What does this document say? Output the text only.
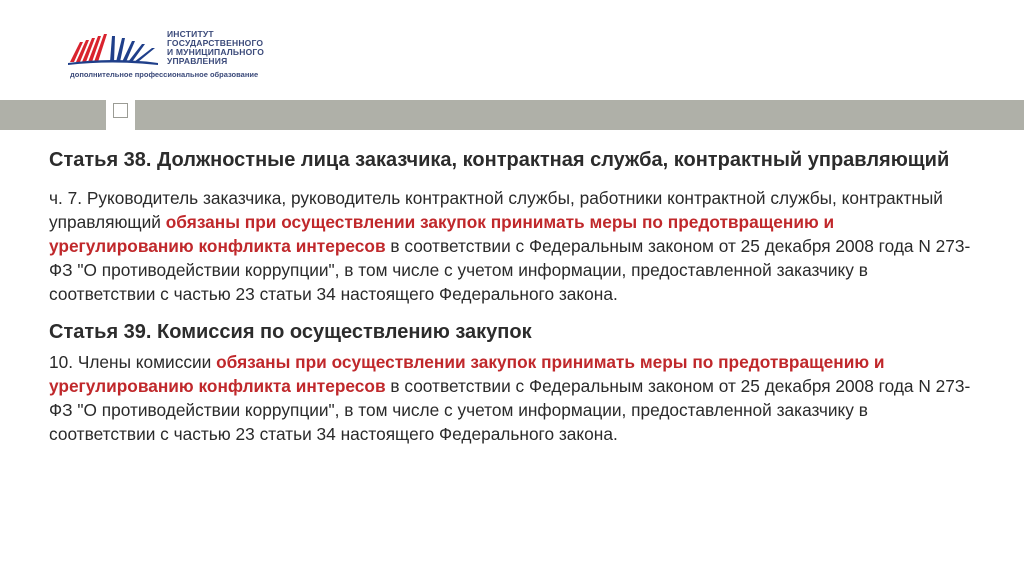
ИНСТИТУТ
ГОСУДАРСТВЕННОГО
И МУНИЦИПАЛЬНОГО
УПРАВЛЕНИЯ
дополнительное профессиональное образование
Статья 38. Должностные лица заказчика, контрактная служба, контрактный управляющий

ч. 7. Руководитель заказчика, руководитель контрактной службы, работники контрактной службы, контрактный управляющий обязаны при осуществлении закупок принимать меры по предотвращению и урегулированию конфликта интересов в соответствии с Федеральным законом от 25 декабря 2008 года N 273-ФЗ "О противодействии коррупции", в том числе с учетом информации, предоставленной заказчику в соответствии с частью 23 статьи 34 настоящего Федерального закона.

Статья 39. Комиссия по осуществлению закупок

10. Члены комиссии обязаны при осуществлении закупок принимать меры по предотвращению и урегулированию конфликта интересов в соответствии с Федеральным законом от 25 декабря 2008 года N 273-ФЗ "О противодействии коррупции", в том числе с учетом информации, предоставленной заказчику в соответствии с частью 23 статьи 34 настоящего Федерального закона.
